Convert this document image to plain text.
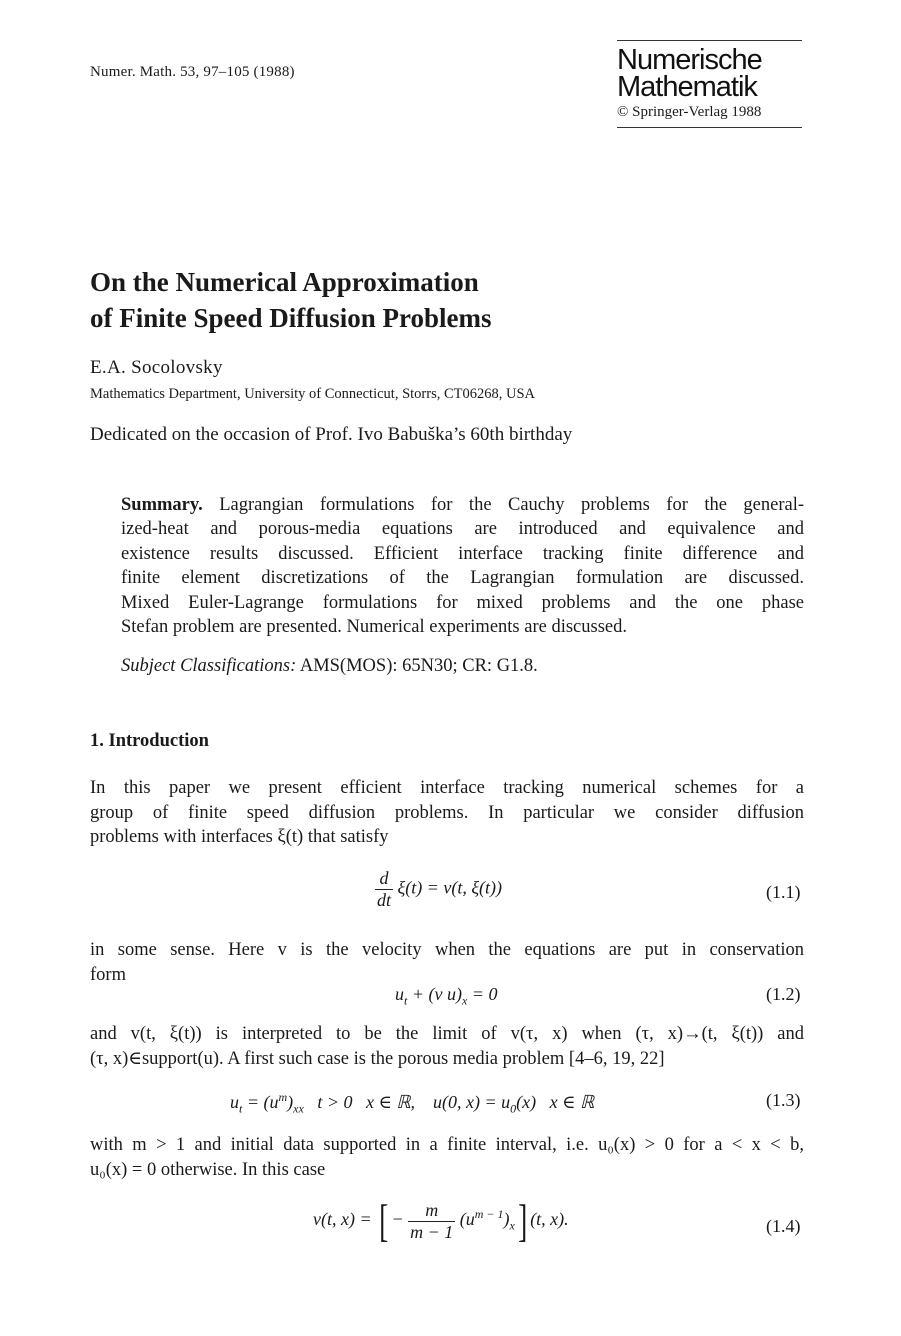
Numer. Math. 53, 97–105 (1988)	Numerische
Mathematik
© Springer-Verlag 1988
On the Numerical Approximation
of Finite Speed Diffusion Problems
E.A. Socolovsky
Mathematics Department, University of Connecticut, Storrs, CT06268, USA
Dedicated on the occasion of Prof. Ivo Babuška’s 60th birthday
Summary. Lagrangian formulations for the Cauchy problems for the general-
ized-heat and porous-media equations are introduced and equivalence and
existence results discussed. Efficient interface tracking finite difference and
finite element discretizations of the Lagrangian formulation are discussed.
Mixed Euler-Lagrange formulations for mixed problems and the one phase
Stefan problem are presented. Numerical experiments are discussed.
Subject Classifications: AMS(MOS): 65N30; CR: G1.8.
1. Introduction
In this paper we present efficient interface tracking numerical schemes for a
group of finite speed diffusion problems. In particular we consider diffusion
problems with interfaces ξ(t) that satisfy
$\frac{d}{dt} \xi(t) = v(t$, ξ(t))	(1.1)
in some sense. Here v is the velocity when the equations are put in conservation
form
$u_t + (v$ $u)_x = 0$	(1.2)
and v(t, ξ(t)) is interpreted to be the limit of v(τ, x) when (τ, x)→(t, ξ(t)) and
(τ, x)∈support(u). A first such case is the porous media problem [4–6, 19, 22]
$u_t = (u^m)_{xx}$   t > 0   x ∈ ℝ,    u(0, $x) = u_0(x)$   x ∈ ℝ	(1.3)
with m > 1 and initial data supported in a finite interval, i.e. u₀(x) > 0 for a < x < b,
u₀(x) = 0 otherwise. In this case
v(t, x) = [ − $\frac{m}{m - 1} (u^{m - 1})_x$] (t, x).	(1.4)
